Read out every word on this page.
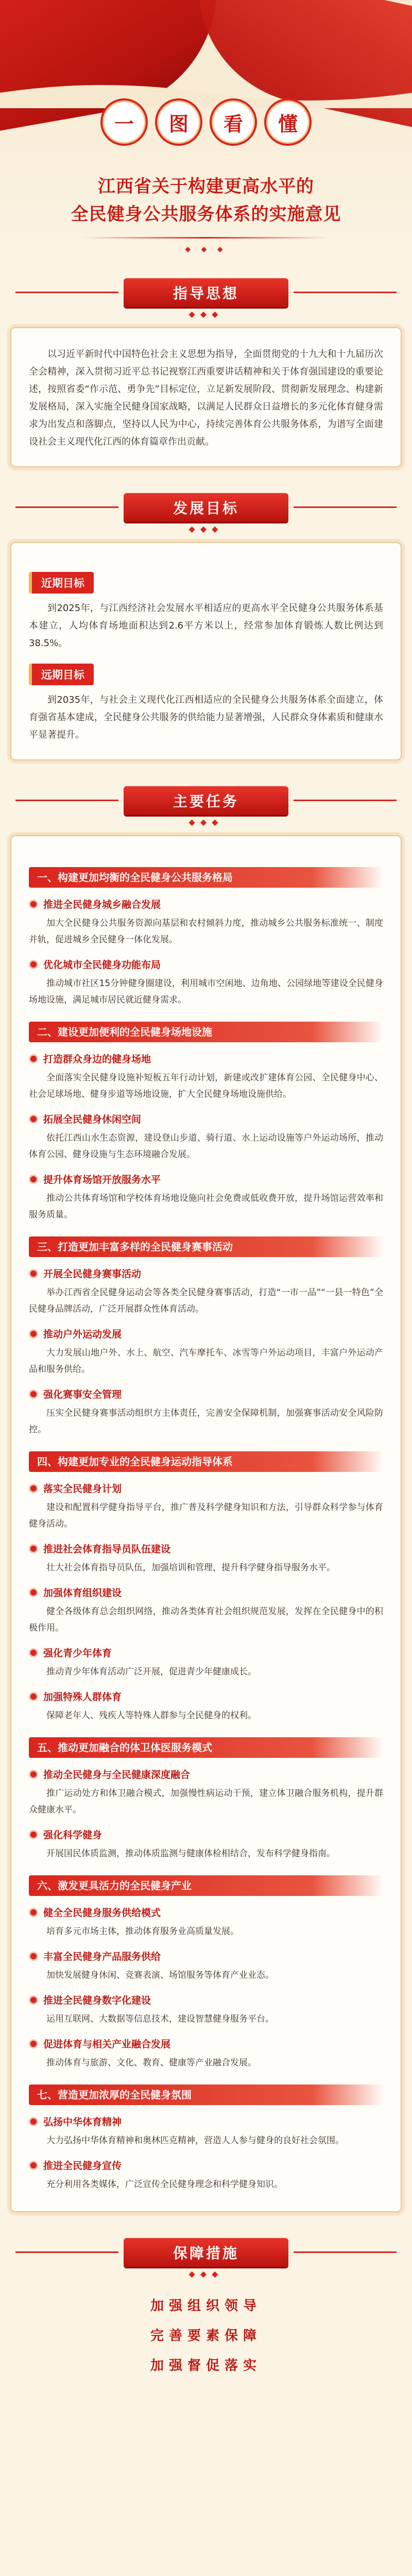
一	图	看	懂
江西省关于构建更高水平的
全民健身公共服务体系的实施意见
◆ ◆ ◆
指导思想
◆◆◆

以习近平新时代中国特色社会主义思想为指导，全面贯彻党的十九大和十九届历次全会精神，深入贯彻习近平总书记视察江西重要讲话精神和关于体育强国建设的重要论述，按照省委“作示范、勇争先”目标定位，立足新发展阶段、贯彻新发展理念、构建新发展格局，深入实施全民健身国家战略，以满足人民群众日益增长的多元化体育健身需求为出发点和落脚点，坚持以人民为中心，持续完善体育公共服务体系，为谱写全面建设社会主义现代化江西的体育篇章作出贡献。

发展目标
◆◆◆
近期目标

到2025年，与江西经济社会发展水平相适应的更高水平全民健身公共服务体系基本建立，人均体育场地面积达到2.6平方米以上，经常参加体育锻炼人数比例达到38.5%。

远期目标

到2035年，与社会主义现代化江西相适应的全民健身公共服务体系全面建立，体育强省基本建成，全民健身公共服务的供给能力显著增强，人民群众身体素质和健康水平显著提升。

主要任务
◆◆◆
一、构建更加均衡的全民健身公共服务格局
推进全民健身城乡融合发展

加大全民健身公共服务资源向基层和农村倾斜力度，推动城乡公共服务标准统一、制度并轨，促进城乡全民健身一体化发展。

优化城市全民健身功能布局

推动城市社区15分钟健身圈建设，利用城市空闲地、边角地、公园绿地等建设全民健身场地设施，满足城市居民就近健身需求。

二、建设更加便利的全民健身场地设施
打造群众身边的健身场地

全面落实全民健身设施补短板五年行动计划，新建或改扩建体育公园、全民健身中心、社会足球场地、健身步道等场地设施，扩大全民健身场地设施供给。

拓展全民健身休闲空间

依托江西山水生态资源，建设登山步道、骑行道、水上运动设施等户外运动场所，推动体育公园、健身设施与生态环境融合发展。

提升体育场馆开放服务水平

推动公共体育场馆和学校体育场地设施向社会免费或低收费开放，提升场馆运营效率和服务质量。

三、打造更加丰富多样的全民健身赛事活动
开展全民健身赛事活动

举办江西省全民健身运动会等各类全民健身赛事活动，打造“一市一品”“一县一特色”全民健身品牌活动，广泛开展群众性体育活动。

推动户外运动发展

大力发展山地户外、水上、航空、汽车摩托车、冰雪等户外运动项目，丰富户外运动产品和服务供给。

强化赛事安全管理

压实全民健身赛事活动组织方主体责任，完善安全保障机制，加强赛事活动安全风险防控。

四、构建更加专业的全民健身运动指导体系
落实全民健身计划

建设和配置科学健身指导平台，推广普及科学健身知识和方法，引导群众科学参与体育健身活动。

推进社会体育指导员队伍建设

壮大社会体育指导员队伍，加强培训和管理，提升科学健身指导服务水平。

加强体育组织建设

健全各级体育总会组织网络，推动各类体育社会组织规范发展，发挥在全民健身中的积极作用。

强化青少年体育

推动青少年体育活动广泛开展，促进青少年健康成长。

加强特殊人群体育

保障老年人、残疾人等特殊人群参与全民健身的权利。

五、推动更加融合的体卫体医服务模式
推动全民健身与全民健康深度融合

推广运动处方和体卫融合模式，加强慢性病运动干预，建立体卫融合服务机构，提升群众健康水平。

强化科学健身

开展国民体质监测，推动体质监测与健康体检相结合，发布科学健身指南。

六、激发更具活力的全民健身产业
健全全民健身服务供给模式

培育多元市场主体，推动体育服务业高质量发展。

丰富全民健身产品服务供给

加快发展健身休闲、竞赛表演、场馆服务等体育产业业态。

推进全民健身数字化建设

运用互联网、大数据等信息技术，建设智慧健身服务平台。

促进体育与相关产业融合发展

推动体育与旅游、文化、教育、健康等产业融合发展。

七、营造更加浓厚的全民健身氛围
弘扬中华体育精神

大力弘扬中华体育精神和奥林匹克精神，营造人人参与健身的良好社会氛围。

推进全民健身宣传

充分利用各类媒体，广泛宣传全民健身理念和科学健身知识。

保障措施
◆◆◆
加强组织领导
完善要素保障
加强督促落实
